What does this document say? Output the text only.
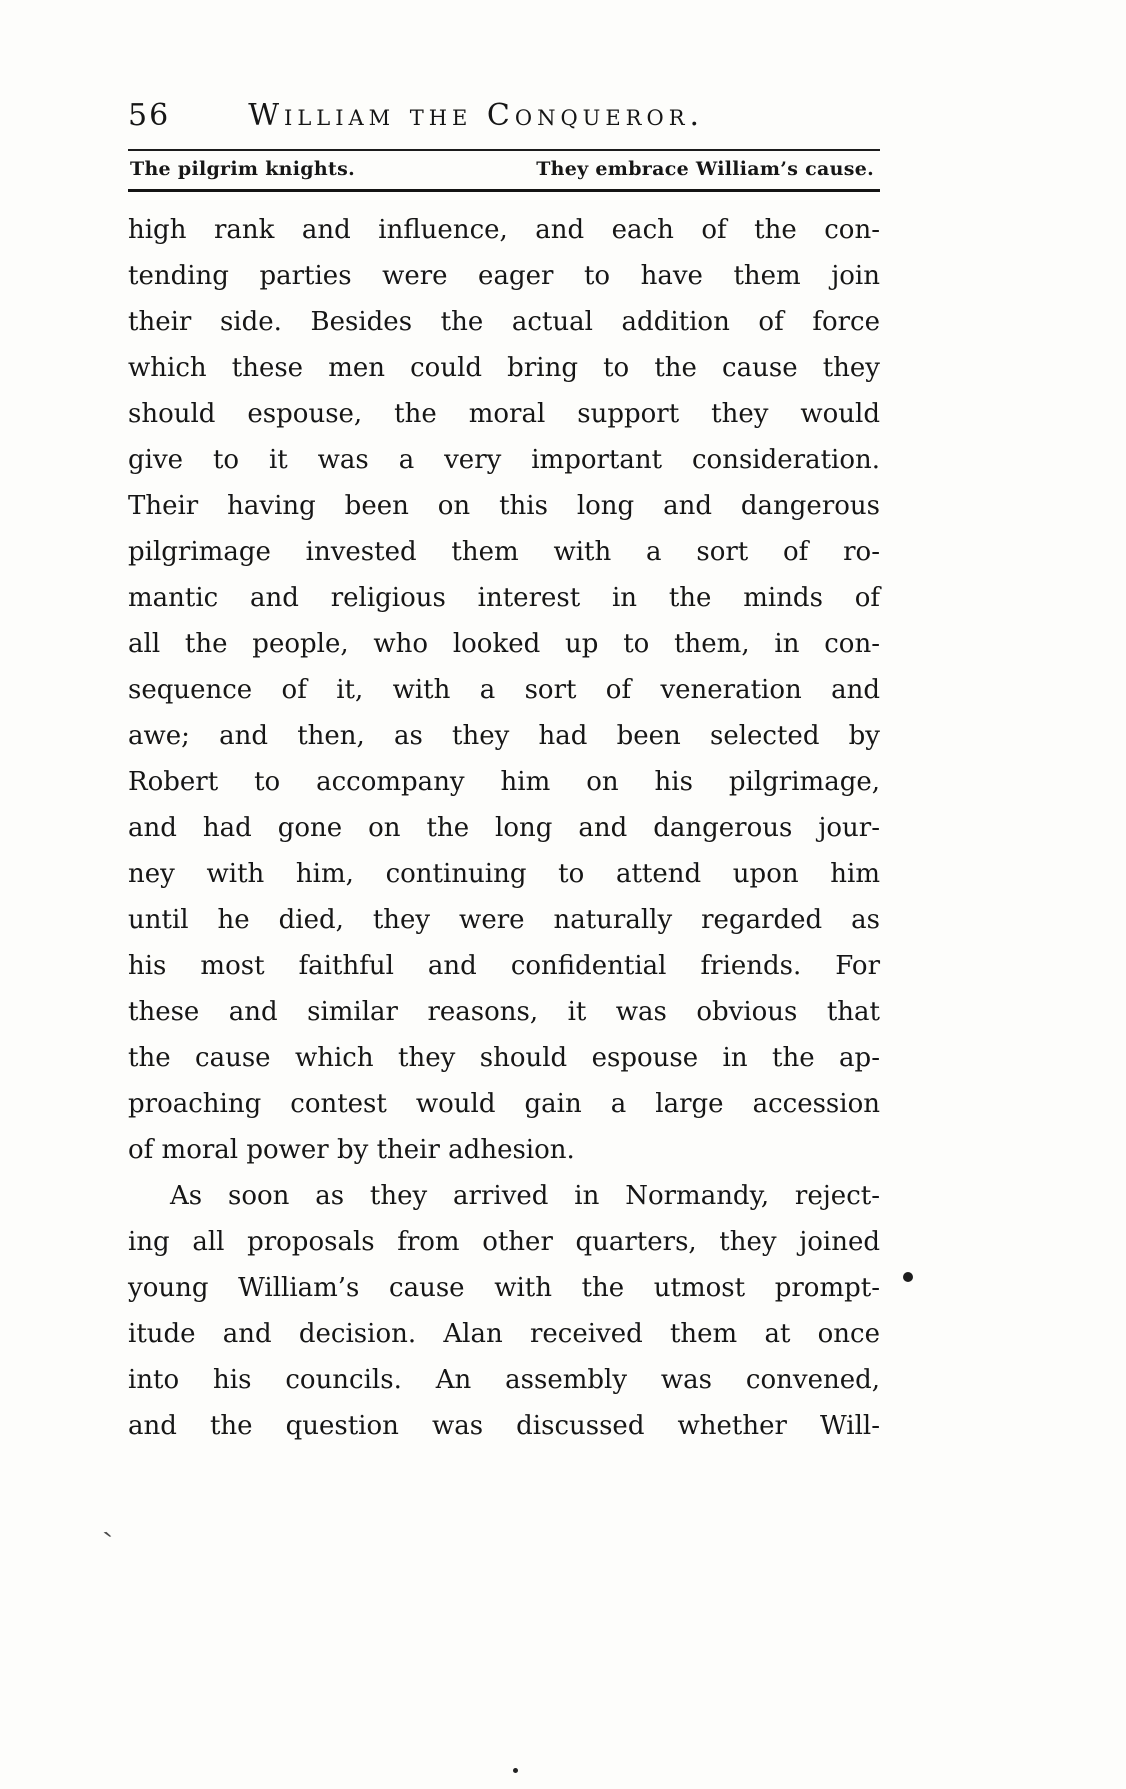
56	William the Conqueror.
The pilgrim knights.	They embrace William’s cause.
high rank and influence, and each of the con-
tending parties were eager to have them join
their side. Besides the actual addition of force
which these men could bring to the cause they
should espouse, the moral support they would
give to it was a very important consideration.
Their having been on this long and dangerous
pilgrimage invested them with a sort of ro-
mantic and religious interest in the minds of
all the people, who looked up to them, in con-
sequence of it, with a sort of veneration and
awe; and then, as they had been selected by
Robert to accompany him on his pilgrimage,
and had gone on the long and dangerous jour-
ney with him, continuing to attend upon him
until he died, they were naturally regarded as
his most faithful and confidential friends. For
these and similar reasons, it was obvious that
the cause which they should espouse in the ap-
proaching contest would gain a large accession
of moral power by their adhesion.
As soon as they arrived in Normandy, reject-
ing all proposals from other quarters, they joined
young William’s cause with the utmost prompt-
itude and decision. Alan received them at once
into his councils. An assembly was convened,
and the question was discussed whether Will-
`
